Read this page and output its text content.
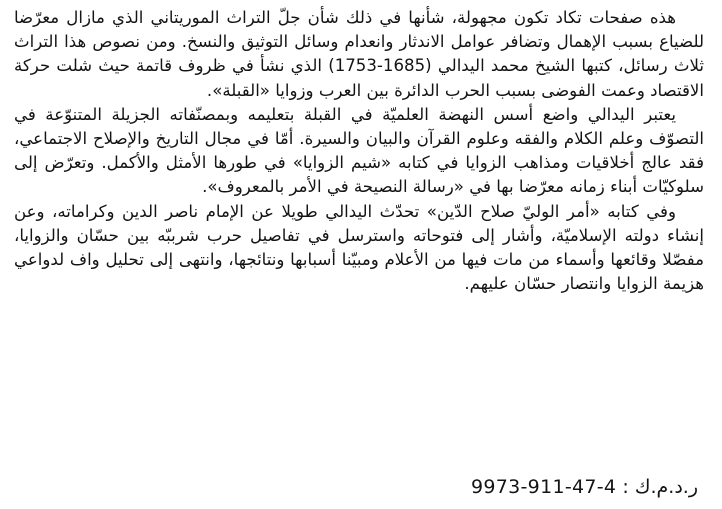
هذه صفحات تكاد تكون مجهولة، شأنها في ذلك شأن جلّ التراث الموريتاني الذي مازال معرّضا للضياع بسبب الإهمال وتضافر عوامل الاندثار وانعدام وسائل التوثيق والنسخ. ومن نصوص هذا التراث ثلاث رسائل، كتبها الشيخ محمد اليدالي (1685-1753) الذي نشأ في ظروف قاتمة حيث شلت حركة الاقتصاد وعمت الفوضى بسبب الحرب الدائرة بين العرب وزوايا «القبلة».

يعتبر اليدالي واضع أسس النهضة العلميّة في القبلة بتعليمه وبمصنّفاته الجزيلة المتنوّعة في التصوّف وعلم الكلام والفقه وعلوم القرآن والبيان والسيرة. أمّا في مجال التاريخ والإصلاح الاجتماعي، فقد عالج أخلاقيات ومذاهب الزوايا في كتابه «شيم الزوايا» في طورها الأمثل والأكمل. وتعرّض إلى سلوكيّات أبناء زمانه معرّضا بها في «رسالة النصيحة في الأمر بالمعروف».

وفي كتابه «أمر الوليّ صلاح الدّين» تحدّث اليدالي طويلا عن الإمام ناصر الدين وكراماته، وعن إنشاء دولته الإسلاميّة، وأشار إلى فتوحاته واسترسل في تفاصيل حرب شرببّه بين حسّان والزوايا، مفصّلا وقائعها وأسماء من مات فيها من الأعلام ومبيّنا أسبابها ونتائجها، وانتهى إلى تحليل واف لدواعي هزيمة الزوايا وانتصار حسّان عليهم.

ر.د.م.ك : 9973-911-47-4
